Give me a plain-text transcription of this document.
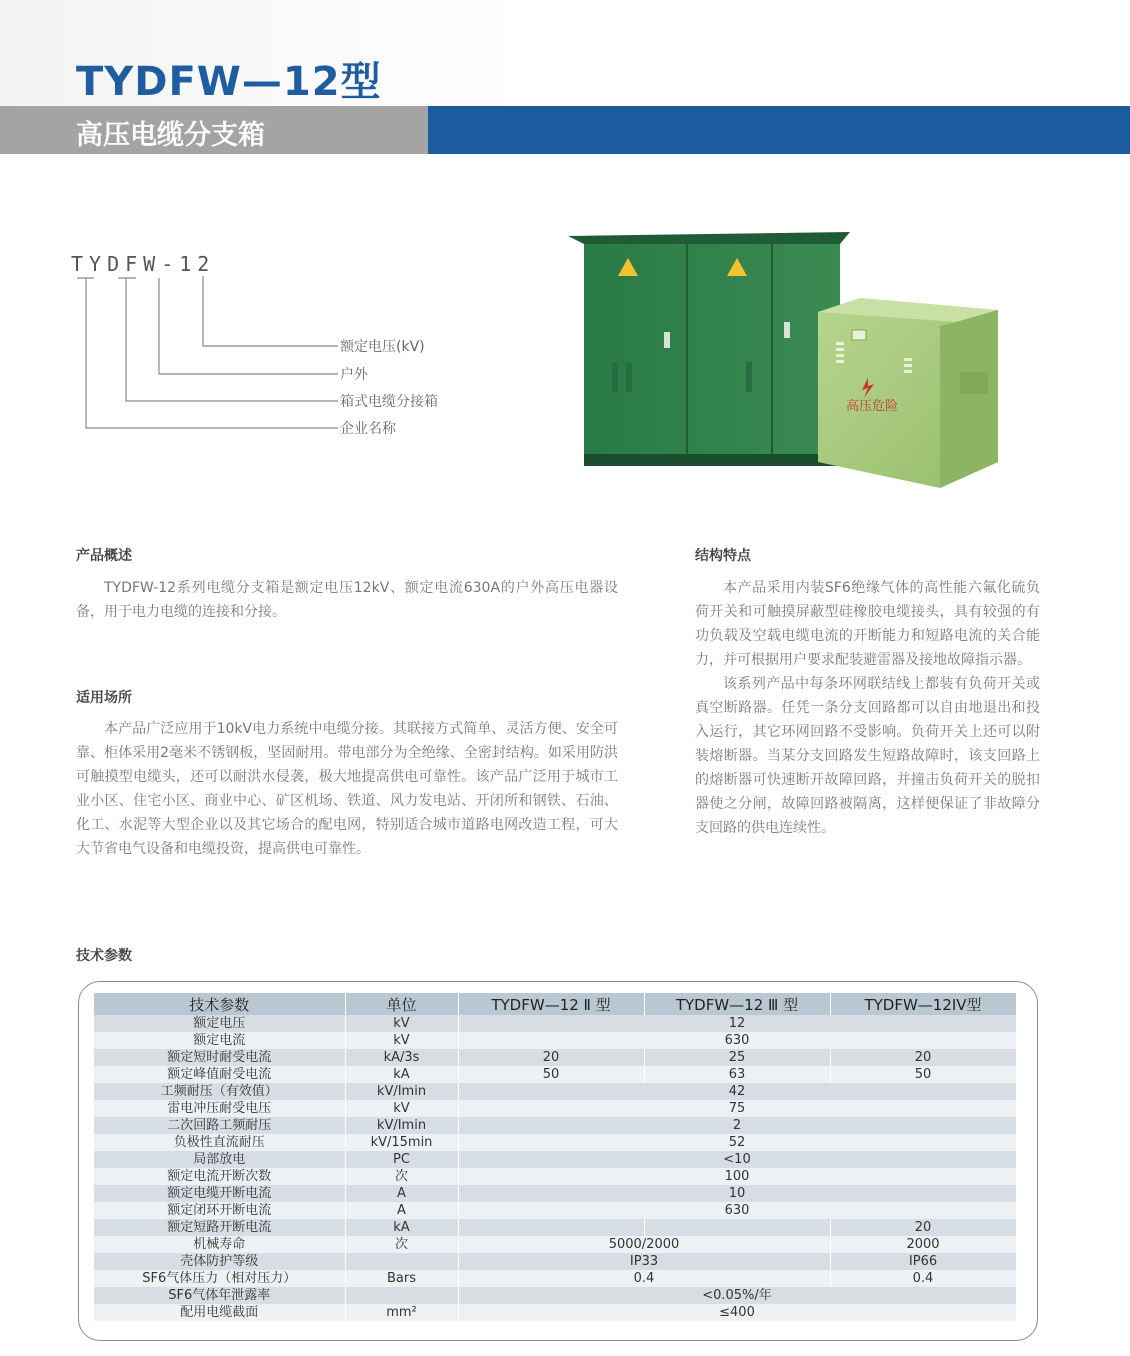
TYDFW—12型
高压电缆分支箱
TYDFW-12
额定电压(kV)
户外
箱式电缆分接箱
企业名称
高压危险
产品概述

TYDFW-12系列电缆分支箱是额定电压12kV、额定电流630A的户外高压电器设备，用于电力电缆的连接和分接。

适用场所

本产品广泛应用于10kV电力系统中电缆分接。其联接方式简单、灵活方便、安全可靠、柜体采用2毫米不锈钢板，坚固耐用。带电部分为全绝缘、全密封结构。如采用防洪可触摸型电缆头，还可以耐洪水侵袭，极大地提高供电可靠性。该产品广泛用于城市工业小区、住宅小区、商业中心、矿区机场、铁道、风力发电站、开闭所和钢铁、石油、化工、水泥等大型企业以及其它场合的配电网，特别适合城市道路电网改造工程，可大大节省电气设备和电缆投资，提高供电可靠性。

结构特点

本产品采用内装SF6绝缘气体的高性能六氟化硫负荷开关和可触摸屏蔽型硅橡胶电缆接头，具有较强的有功负载及空载电缆电流的开断能力和短路电流的关合能力，并可根据用户要求配装避雷器及接地故障指示器。

该系列产品中每条环网联结线上都装有负荷开关或真空断路器。任凭一条分支回路都可以自由地退出和投入运行，其它环网回路不受影响。负荷开关上还可以附装熔断器。当某分支回路发生短路故障时，该支回路上的熔断器可快速断开故障回路，并撞击负荷开关的脱扣器使之分闸，故障回路被隔离，这样便保证了非故障分支回路的供电连续性。

技术参数
技术参数	单位	TYDFW—12 Ⅱ 型	TYDFW—12 Ⅲ 型	TYDFW—12IV型
额定电压	kV	12		
额定电流	kV	630		
额定短时耐受电流	kA/3s	20	25	20
额定峰值耐受电流	kA	50	63	50
工频耐压（有效值）	kV/Imin	42		
雷电冲压耐受电压	kV	75		
二次回路工频耐压	kV/Imin	2		
负极性直流耐压	kV/15min	52		
局部放电	PC	<10		
额定电流开断次数	次	100		
额定电缆开断电流	A	10		
额定闭环开断电流	A	630		
额定短路开断电流	kA			20
机械寿命	次	5000/2000		2000
壳体防护等级		IP33		IP66
SF6气体压力（相对压力）	Bars	0.4		0.4
SF6气体年泄露率		<0.05%/年		
配用电缆截面	mm²	≤400		
